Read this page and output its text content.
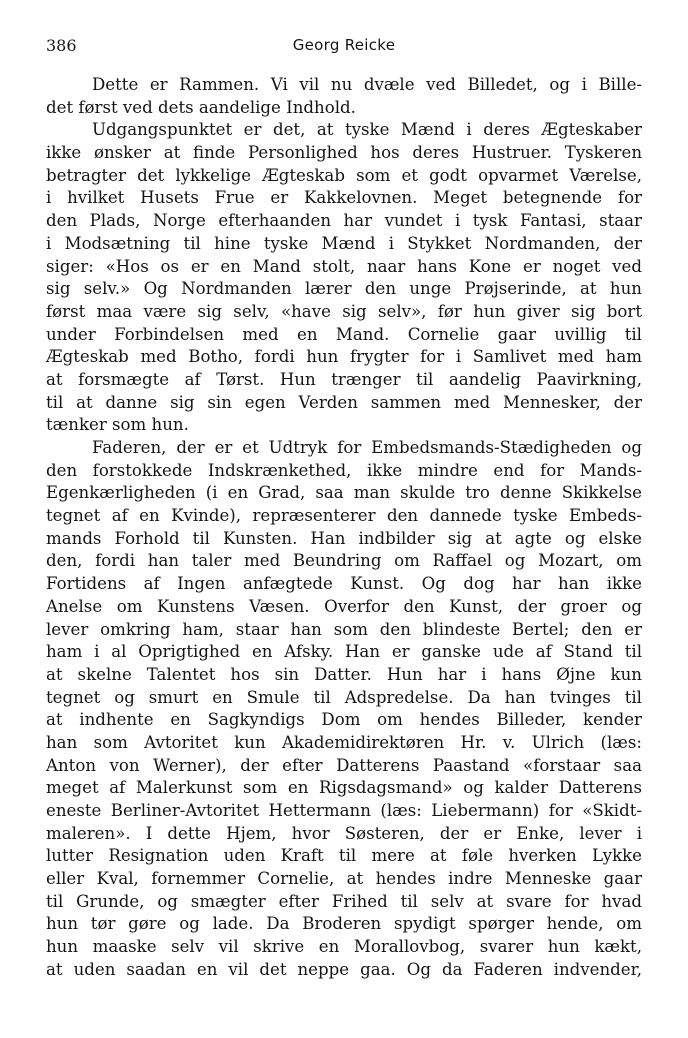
386	Georg Reicke
Dette er Rammen. Vi vil nu dvæle ved Billedet, og i Bille-
det først ved dets aandelige Indhold.
Udgangspunktet er det, at tyske Mænd i deres Ægteskaber
ikke ønsker at finde Personlighed hos deres Hustruer. Tyskeren
betragter det lykkelige Ægteskab som et godt opvarmet Værelse,
i hvilket Husets Frue er Kakkelovnen. Meget betegnende for
den Plads, Norge efterhaanden har vundet i tysk Fantasi, staar
i Modsætning til hine tyske Mænd i Stykket Nordmanden, der
siger: «Hos os er en Mand stolt, naar hans Kone er noget ved
sig selv.» Og Nordmanden lærer den unge Prøjserinde, at hun
først maa være sig selv, «have sig selv», før hun giver sig bort
under Forbindelsen med en Mand. Cornelie gaar uvillig til
Ægteskab med Botho, fordi hun frygter for i Samlivet med ham
at forsmægte af Tørst. Hun trænger til aandelig Paavirkning,
til at danne sig sin egen Verden sammen med Mennesker, der
tænker som hun.
Faderen, der er et Udtryk for Embedsmands-Stædigheden og
den forstokkede Indskrænkethed, ikke mindre end for Mands-
Egenkærligheden (i en Grad, saa man skulde tro denne Skikkelse
tegnet af en Kvinde), repræsenterer den dannede tyske Embeds-
mands Forhold til Kunsten. Han indbilder sig at agte og elske
den, fordi han taler med Beundring om Raffael og Mozart, om
Fortidens af Ingen anfægtede Kunst. Og dog har han ikke
Anelse om Kunstens Væsen. Overfor den Kunst, der groer og
lever omkring ham, staar han som den blindeste Bertel; den er
ham i al Oprigtighed en Afsky. Han er ganske ude af Stand til
at skelne Talentet hos sin Datter. Hun har i hans Øjne kun
tegnet og smurt en Smule til Adspredelse. Da han tvinges til
at indhente en Sagkyndigs Dom om hendes Billeder, kender
han som Avtoritet kun Akademidirektøren Hr. v. Ulrich (læs:
Anton von Werner), der efter Datterens Paastand «forstaar saa
meget af Malerkunst som en Rigsdagsmand» og kalder Datterens
eneste Berliner-Avtoritet Hettermann (læs: Liebermann) for «Skidt-
maleren». I dette Hjem, hvor Søsteren, der er Enke, lever i
lutter Resignation uden Kraft til mere at føle hverken Lykke
eller Kval, fornemmer Cornelie, at hendes indre Menneske gaar
til Grunde, og smægter efter Frihed til selv at svare for hvad
hun tør gøre og lade. Da Broderen spydigt spørger hende, om
hun maaske selv vil skrive en Morallovbog, svarer hun kækt,
at uden saadan en vil det neppe gaa. Og da Faderen indvender,
